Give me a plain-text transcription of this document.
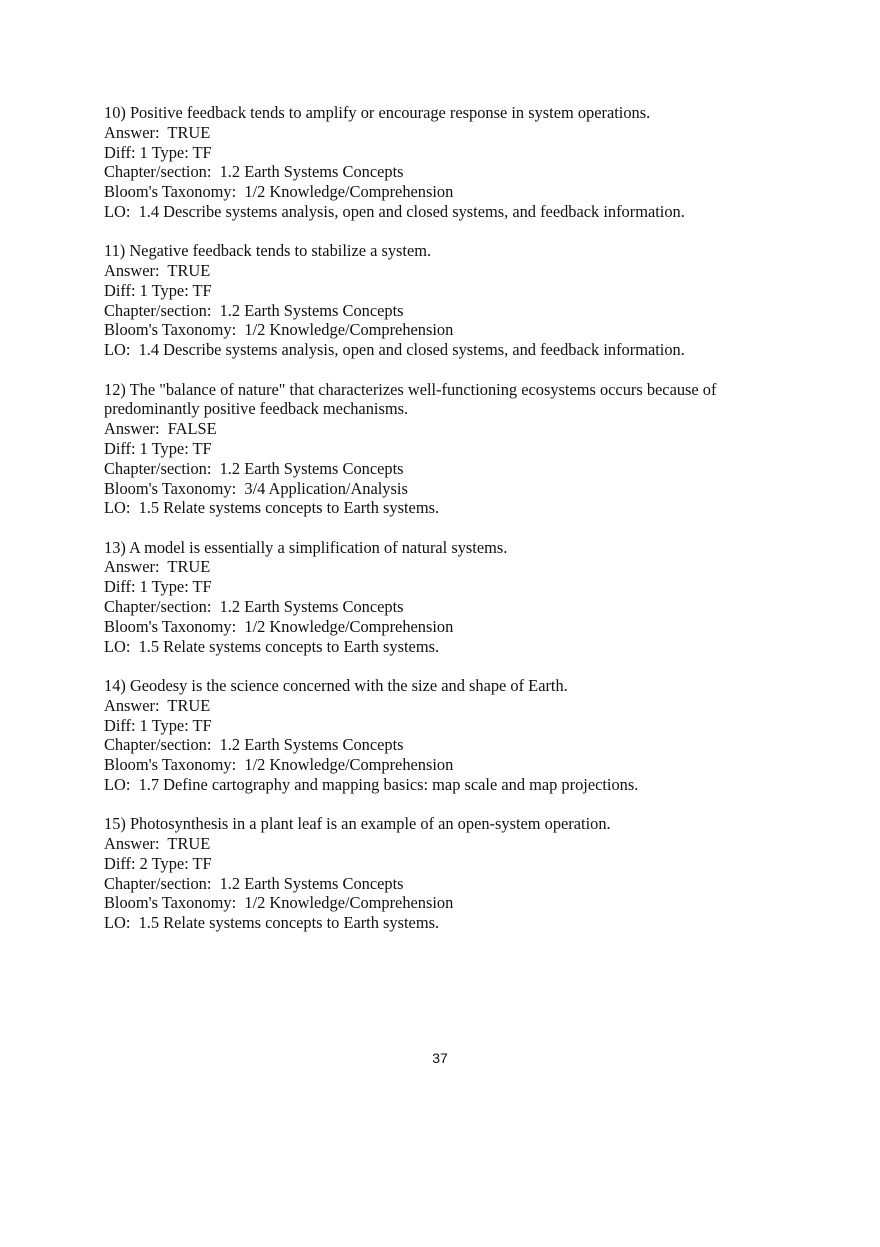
10) Positive feedback tends to amplify or encourage response in system operations.
Answer:  TRUE
Diff: 1 Type: TF
Chapter/section:  1.2 Earth Systems Concepts
Bloom's Taxonomy:  1/2 Knowledge/Comprehension
LO:  1.4 Describe systems analysis, open and closed systems, and feedback information.
11) Negative feedback tends to stabilize a system.
Answer:  TRUE
Diff: 1 Type: TF
Chapter/section:  1.2 Earth Systems Concepts
Bloom's Taxonomy:  1/2 Knowledge/Comprehension
LO:  1.4 Describe systems analysis, open and closed systems, and feedback information.
12) The "balance of nature" that characterizes well-functioning ecosystems occurs because of
predominantly positive feedback mechanisms.
Answer:  FALSE
Diff: 1 Type: TF
Chapter/section:  1.2 Earth Systems Concepts
Bloom's Taxonomy:  3/4 Application/Analysis
LO:  1.5 Relate systems concepts to Earth systems.
13) A model is essentially a simplification of natural systems.
Answer:  TRUE
Diff: 1 Type: TF
Chapter/section:  1.2 Earth Systems Concepts
Bloom's Taxonomy:  1/2 Knowledge/Comprehension
LO:  1.5 Relate systems concepts to Earth systems.
14) Geodesy is the science concerned with the size and shape of Earth.
Answer:  TRUE
Diff: 1 Type: TF
Chapter/section:  1.2 Earth Systems Concepts
Bloom's Taxonomy:  1/2 Knowledge/Comprehension
LO:  1.7 Define cartography and mapping basics: map scale and map projections.
15) Photosynthesis in a plant leaf is an example of an open-system operation.
Answer:  TRUE
Diff: 2 Type: TF
Chapter/section:  1.2 Earth Systems Concepts
Bloom's Taxonomy:  1/2 Knowledge/Comprehension
LO:  1.5 Relate systems concepts to Earth systems.
37
